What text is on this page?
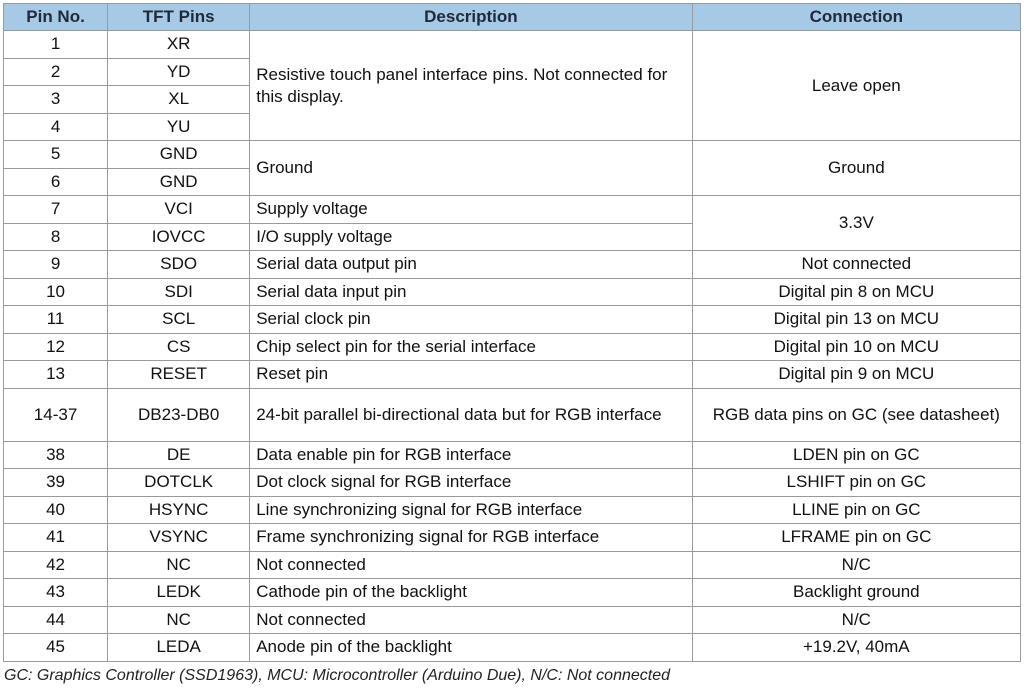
Pin No.	TFT Pins	Description	Connection
1	XR	Resistive touch panel interface pins. Not connected for this display.	Leave open
2	YD		
3	XL		
4	YU		
5	GND	Ground	Ground
6	GND		
7	VCI	Supply voltage	3.3V
8	IOVCC	I/O supply voltage	
9	SDO	Serial data output pin	Not connected
10	SDI	Serial data input pin	Digital pin 8 on MCU
11	SCL	Serial clock pin	Digital pin 13 on MCU
12	CS	Chip select pin for the serial interface	Digital pin 10 on MCU
13	RESET	Reset pin	Digital pin 9 on MCU
14-37	DB23-DB0	24-bit parallel bi-directional data but for RGB interface	RGB data pins on GC (see datasheet)
38	DE	Data enable pin for RGB interface	LDEN pin on GC
39	DOTCLK	Dot clock signal for RGB interface	LSHIFT pin on GC
40	HSYNC	Line synchronizing signal for RGB interface	LLINE pin on GC
41	VSYNC	Frame synchronizing signal for RGB interface	LFRAME pin on GC
42	NC	Not connected	N/C
43	LEDK	Cathode pin of the backlight	Backlight ground
44	NC	Not connected	N/C
45	LEDA	Anode pin of the backlight	+19.2V, 40mA
GC: Graphics Controller (SSD1963), MCU: Microcontroller (Arduino Due), N/C: Not connected
